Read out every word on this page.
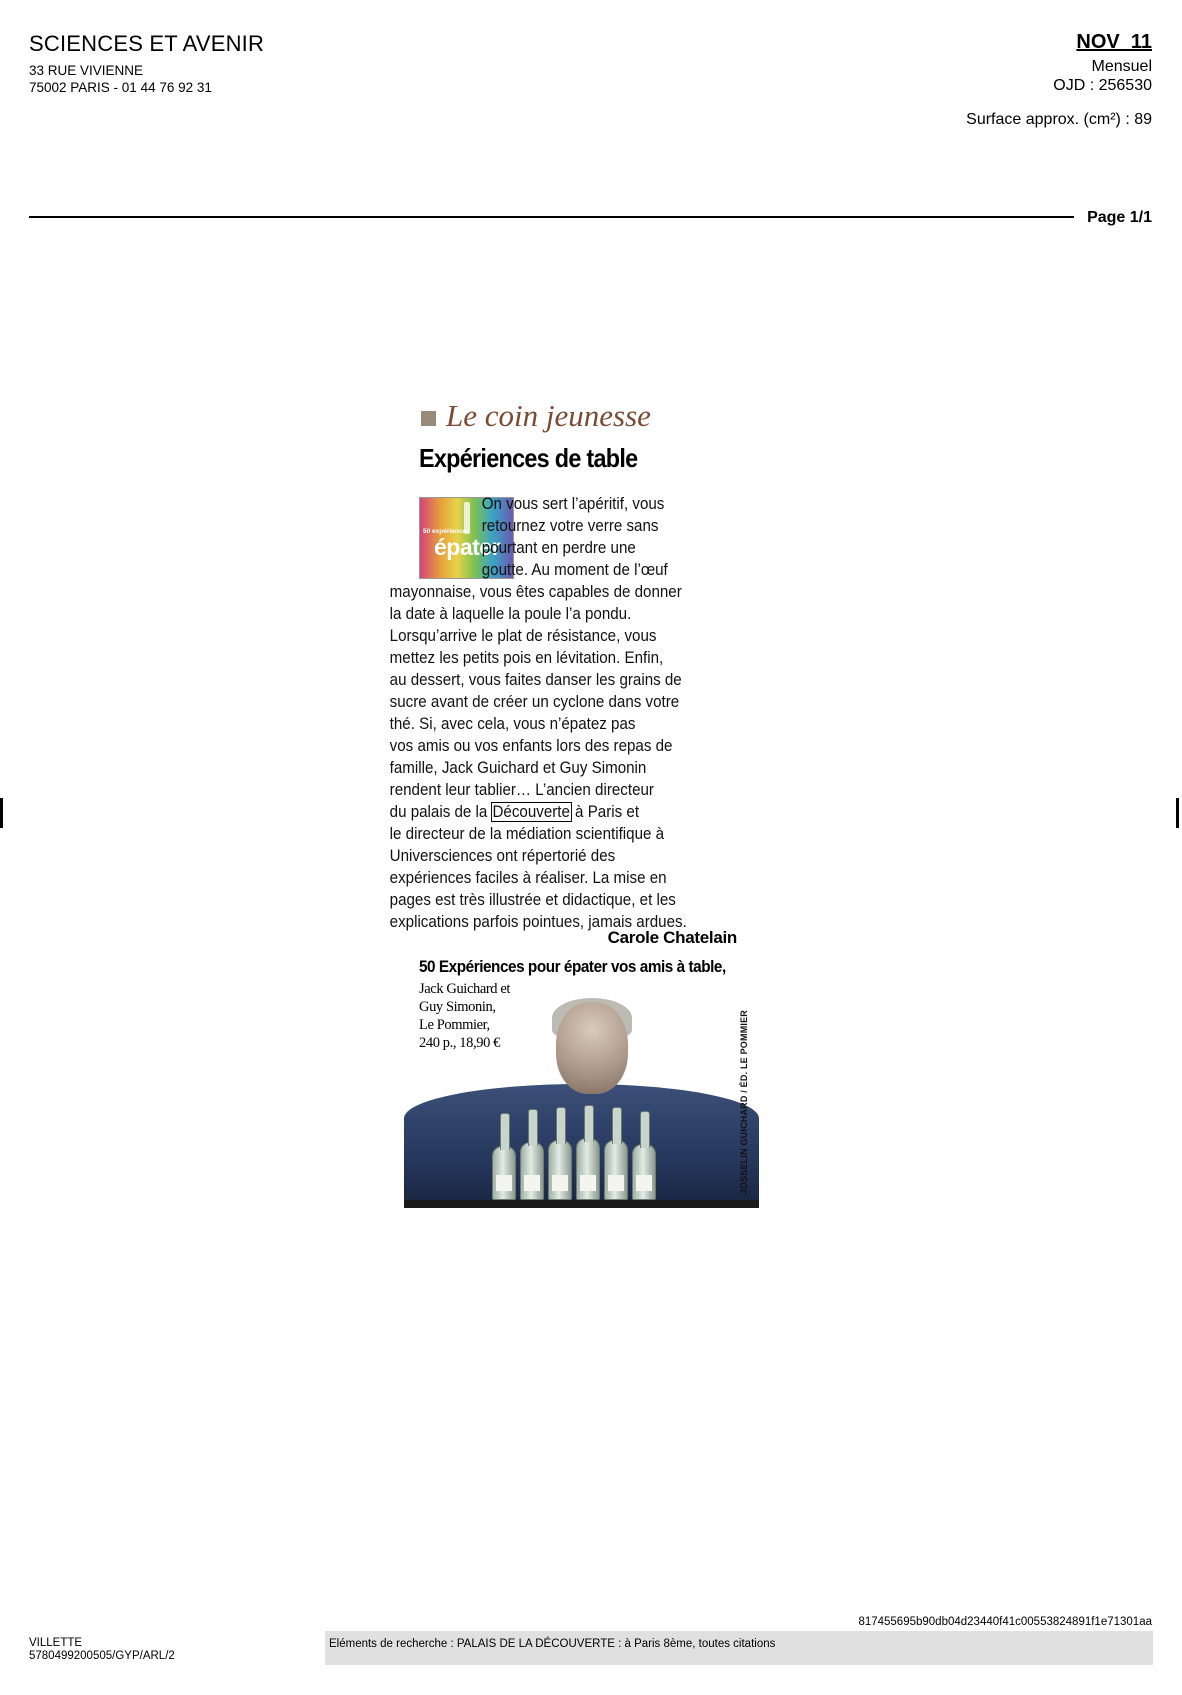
SCIENCES ET AVENIR
33 RUE VIVIENNE
75002 PARIS - 01 44 76 92 31
NOV  11
Mensuel
OJD : 256530
Surface approx. (cm²) : 89
Page 1/1
Le coin jeunesse
Expériences de table
50 expériences
épater
On vous sert l’apéritif, vous
retournez votre verre sans
pourtant en perdre une
goutte. Au moment de l’œuf
mayonnaise, vous êtes capables de donner
la date à laquelle la poule l’a pondu.
Lorsqu’arrive le plat de résistance, vous
mettez les petits pois en lévitation. Enfin,
au dessert, vous faites danser les grains de
sucre avant de créer un cyclone dans votre
thé. Si, avec cela, vous n’épatez pas
vos amis ou vos enfants lors des repas de
famille, Jack Guichard et Guy Simonin
rendent leur tablier… L’ancien directeur
du palais de la Découverte à Paris et
le directeur de la médiation scientifique à
Universciences ont répertorié des
expériences faciles à réaliser. La mise en
pages est très illustrée et didactique, et les
explications parfois pointues, jamais ardues.
Carole Chatelain
50 Expériences pour épater vos amis à table,
Jack Guichard et
Guy Simonin,
Le Pommier,
240 p., 18,90 €	JOSSELIN GUICHARD / ÉD. LE POMMIER
817455695b90db04d23440f41c00553824891f1e71301aa
VILLETTE
5780499200505/GYP/ARL/2
Eléments de recherche : PALAIS DE LA DÉCOUVERTE : à Paris 8ème, toutes citations
